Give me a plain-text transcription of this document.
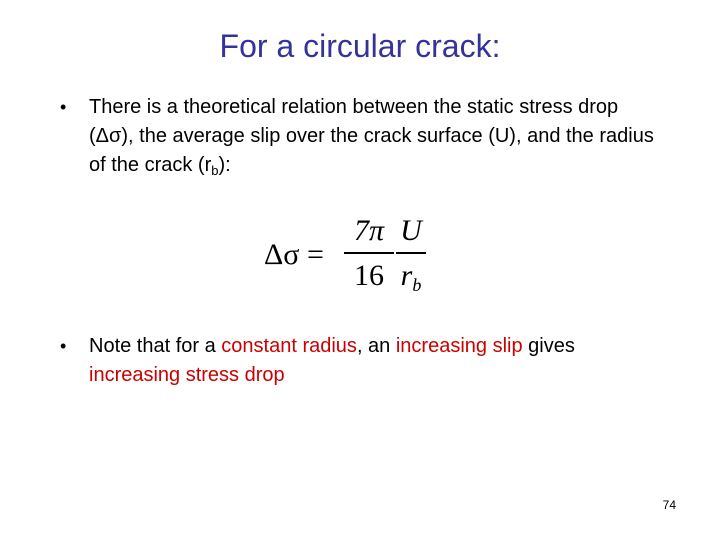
For a circular crack:
•	There is a theoretical relation between the static stress drop (Δσ), the average slip over the crack surface (U), and the radius of the crack $(r_b)$:
Δσ =
7π
16
U
$r_b$
•	Note that for a constant radius, an increasing slip gives increasing stress drop
74
